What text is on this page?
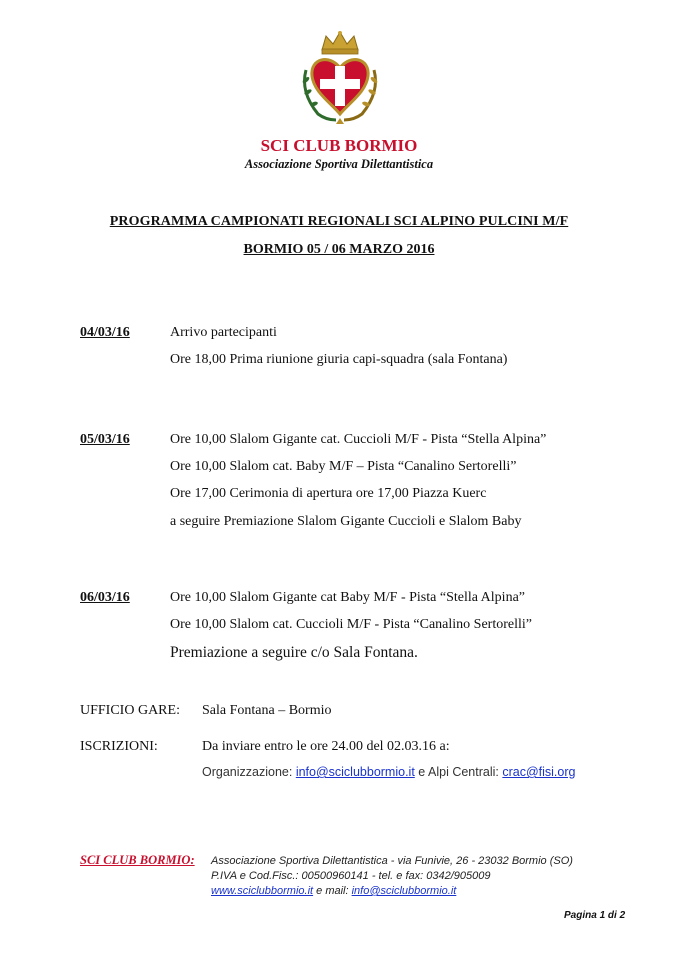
SCI CLUB BORMIO
Associazione Sportiva Dilettantistica
PROGRAMMA CAMPIONATI REGIONALI SCI ALPINO PULCINI M/F
BORMIO 05 / 06 MARZO 2016
04/03/16	Arrivo partecipanti
Ore 18,00 Prima riunione giuria capi-squadra (sala Fontana)
05/03/16	Ore 10,00 Slalom Gigante cat. Cuccioli M/F - Pista “Stella Alpina”
Ore 10,00 Slalom cat. Baby M/F – Pista “Canalino Sertorelli”
Ore 17,00 Cerimonia di apertura ore 17,00 Piazza Kuerc
a seguire Premiazione Slalom Gigante Cuccioli e Slalom Baby
06/03/16	Ore 10,00 Slalom Gigante cat Baby M/F - Pista “Stella Alpina”
Ore 10,00 Slalom cat. Cuccioli M/F - Pista “Canalino Sertorelli”
Premiazione a seguire c/o Sala Fontana.
UFFICIO GARE: Sala Fontana – Bormio
ISCRIZIONI:	Da inviare entro le ore 24.00 del 02.03.16 a:
Organizzazione: info@sciclubbormio.it e Alpi Centrali: crac@fisi.org
SCI CLUB BORMIO: Associazione Sportiva Dilettantistica - via Funivie, 26 - 23032 Bormio (SO)
P.IVA e Cod.Fisc.: 00500960141 - tel. e fax: 0342/905009
www.sciclubbormio.it e mail: info@sciclubbormio.it
Pagina 1 di 2
